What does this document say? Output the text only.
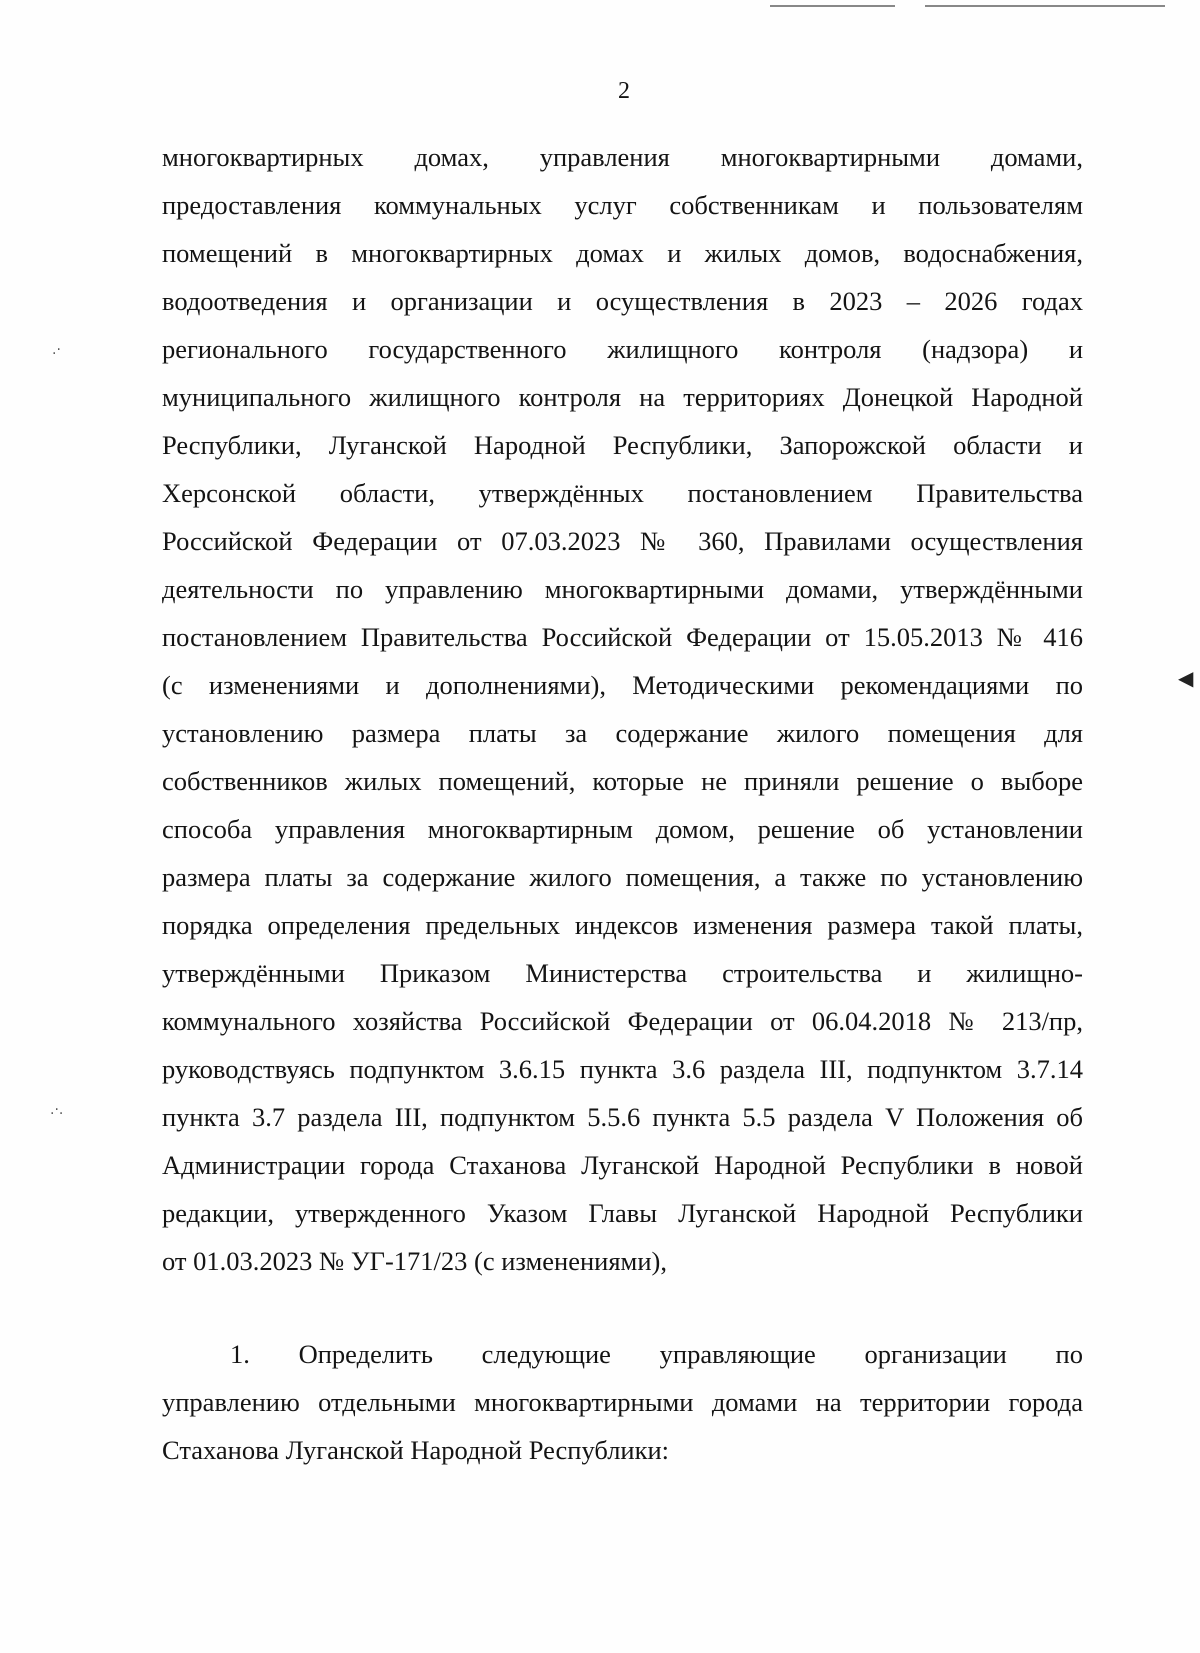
.·
.·.
◀
2
многоквартирных домах, управления многоквартирными домами,
предоставления коммунальных услуг собственникам и пользователям
помещений в многоквартирных домах и жилых домов, водоснабжения,
водоотведения и организации и осуществления в 2023 – 2026 годах
регионального государственного жилищного контроля (надзора) и
муниципального жилищного контроля на территориях Донецкой Народной
Республики, Луганской Народной Республики, Запорожской области и
Херсонской области, утверждённых постановлением Правительства
Российской Федерации от 07.03.2023 № 360, Правилами осуществления
деятельности по управлению многоквартирными домами, утверждёнными
постановлением Правительства Российской Федерации от 15.05.2013 № 416
(с изменениями и дополнениями), Методическими рекомендациями по
установлению размера платы за содержание жилого помещения для
собственников жилых помещений, которые не приняли решение о выборе
способа управления многоквартирным домом, решение об установлении
размера платы за содержание жилого помещения, а также по установлению
порядка определения предельных индексов изменения размера такой платы,
утверждёнными Приказом Министерства строительства и жилищно-
коммунального хозяйства Российской Федерации от 06.04.2018 № 213/пр,
руководствуясь подпунктом 3.6.15 пункта 3.6 раздела III, подпунктом 3.7.14
пункта 3.7 раздела III, подпунктом 5.5.6 пункта 5.5 раздела V Положения об
Администрации города Стаханова Луганской Народной Республики в новой
редакции, утвержденного Указом Главы Луганской Народной Республики
от 01.03.2023 № УГ-171/23 (с изменениями),
1. Определить следующие управляющие организации по
управлению отдельными многоквартирными домами на территории города
Стаханова Луганской Народной Республики:
